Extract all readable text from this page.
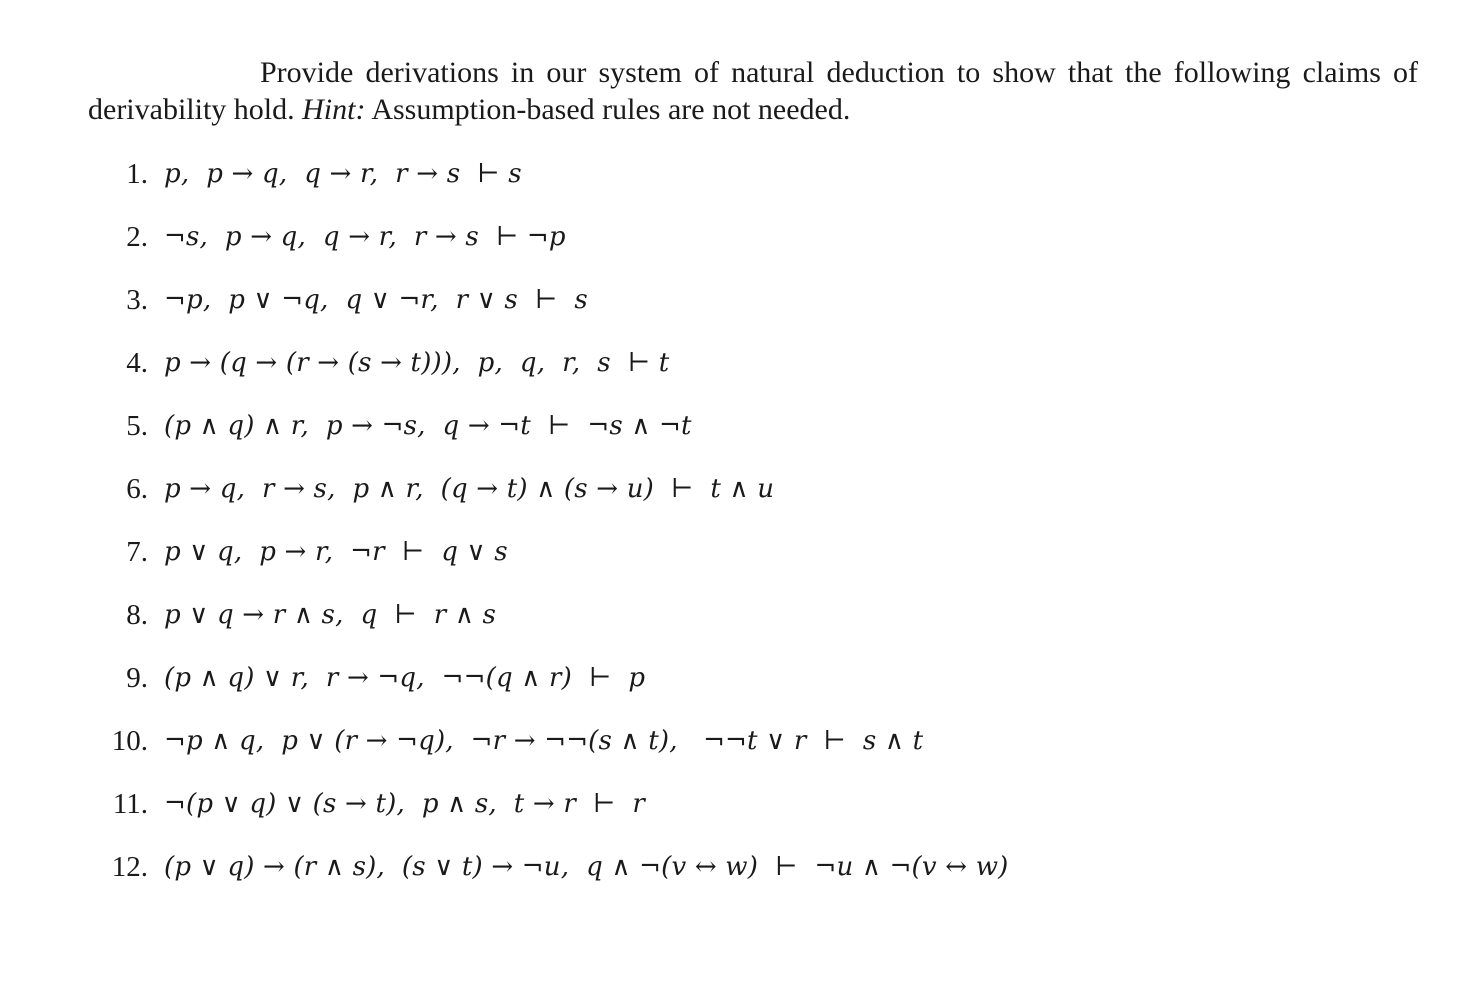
Provide derivations in our system of natural deduction to show that the following claims of derivability hold. Hint: Assumption-based rules are not needed.

1. p,  p → q,  q → r,  r → s  ⊢ s
2. ¬s,  p → q,  q → r,  r → s  ⊢ ¬p
3. ¬p,  p ∨ ¬q,  q ∨ ¬r,  r ∨ s  ⊢  s
4. p → (q → (r → (s → t))),  p,  q,  r,  s  ⊢ t
5. (p ∧ q) ∧ r,  p → ¬s,  q → ¬t  ⊢  ¬s ∧ ¬t
6. p → q,  r → s,  p ∧ r,  (q → t) ∧ (s → u)  ⊢  t ∧ u
7. p ∨ q,  p → r,  ¬r  ⊢  q ∨ s
8. p ∨ q → r ∧ s,  q  ⊢  r ∧ s
9. (p ∧ q) ∨ r,  r → ¬q,  ¬¬(q ∧ r)  ⊢  p
10. ¬p ∧ q,  p ∨ (r → ¬q),  ¬r → ¬¬(s ∧ t),   ¬¬t ∨ r  ⊢  s ∧ t
11. ¬(p ∨ q) ∨ (s → t),  p ∧ s,  t → r  ⊢  r
12. (p ∨ q) → (r ∧ s),  (s ∨ t) → ¬u,  q ∧ ¬(v ↔ w)  ⊢  ¬u ∧ ¬(v ↔ w)
